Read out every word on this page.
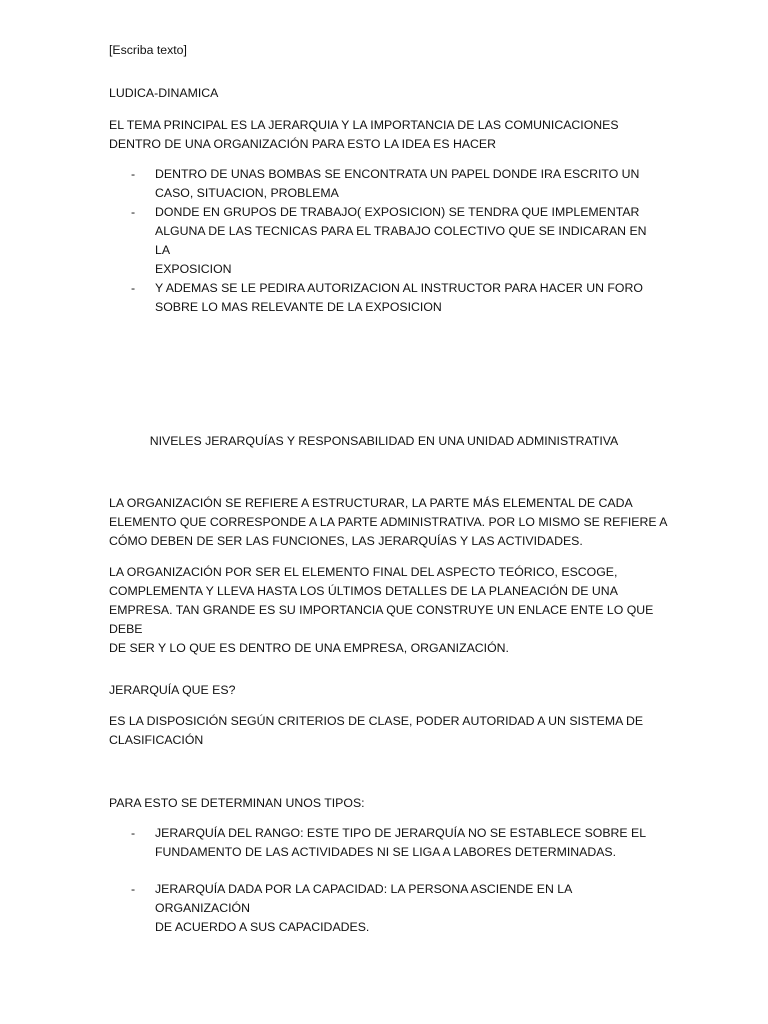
[Escriba texto]
LUDICA-DINAMICA
EL TEMA PRINCIPAL ES LA JERARQUIA Y LA IMPORTANCIA DE LAS COMUNICACIONES
DENTRO DE UNA ORGANIZACIÓN PARA ESTO LA IDEA ES HACER
- DENTRO DE UNAS BOMBAS SE ENCONTRATA UN PAPEL DONDE IRA ESCRITO UN
CASO, SITUACION, PROBLEMA
- DONDE EN GRUPOS DE TRABAJO( EXPOSICION) SE TENDRA QUE IMPLEMENTAR
ALGUNA DE LAS TECNICAS PARA EL TRABAJO COLECTIVO QUE SE INDICARAN EN LA
EXPOSICION
- Y ADEMAS SE LE PEDIRA AUTORIZACION AL INSTRUCTOR PARA HACER UN FORO
SOBRE LO MAS RELEVANTE DE LA EXPOSICION
NIVELES JERARQUÍAS Y RESPONSABILIDAD EN UNA UNIDAD ADMINISTRATIVA
LA ORGANIZACIÓN SE REFIERE A ESTRUCTURAR, LA PARTE MÁS ELEMENTAL DE CADA
ELEMENTO QUE CORRESPONDE A LA PARTE ADMINISTRATIVA. POR LO MISMO SE REFIERE A
CÓMO DEBEN DE SER LAS FUNCIONES, LAS JERARQUÍAS Y LAS ACTIVIDADES.
LA ORGANIZACIÓN POR SER EL ELEMENTO FINAL DEL ASPECTO TEÓRICO, ESCOGE,
COMPLEMENTA Y LLEVA HASTA LOS ÚLTIMOS DETALLES DE LA PLANEACIÓN DE UNA
EMPRESA. TAN GRANDE ES SU IMPORTANCIA QUE CONSTRUYE UN ENLACE ENTE LO QUE DEBE
DE SER Y LO QUE ES DENTRO DE UNA EMPRESA, ORGANIZACIÓN.
JERARQUÍA QUE ES?
ES LA DISPOSICIÓN SEGÚN CRITERIOS DE CLASE, PODER AUTORIDAD A UN SISTEMA DE
CLASIFICACIÓN
PARA ESTO SE DETERMINAN UNOS TIPOS:
- JERARQUÍA DEL RANGO: ESTE TIPO DE JERARQUÍA NO SE ESTABLECE SOBRE EL
FUNDAMENTO DE LAS ACTIVIDADES NI SE LIGA A LABORES DETERMINADAS.
- JERARQUÍA DADA POR LA CAPACIDAD: LA PERSONA ASCIENDE EN LA ORGANIZACIÓN
DE ACUERDO A SUS CAPACIDADES.
